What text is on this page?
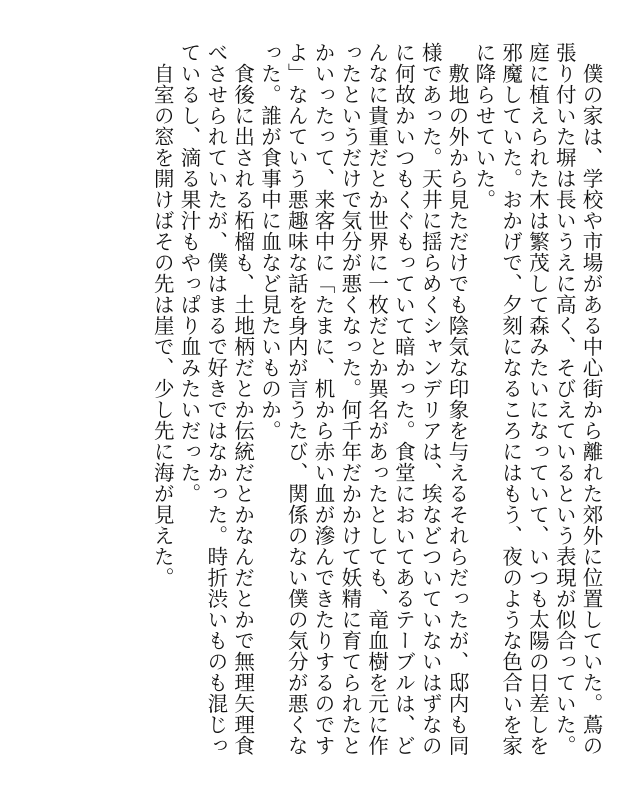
僕の家は、学校や市場がある中心街から離れた郊外に位置していた。蔦の張り付いた塀は長いうえに高く、そびえているという表現が似合っていた。庭に植えられた木は繁茂して森みたいになっていて、いつも太陽の日差しを邪魔していた。おかげで、夕刻になるころにはもう、夜のような色合いを家に降らせていた。

敷地の外から見ただけでも陰気な印象を与えるそれらだったが、邸内も同様であった。天井に揺らめくシャンデリアは、埃などついていないはずなのに何故かいつもくぐもっていて暗かった。食堂においてあるテーブルは、どんなに貴重だとか世界に一枚だとか異名があったとしても、竜血樹を元に作ったというだけで気分が悪くなった。何千年だかかけて妖精に育てられたとかいったって、来客中に「たまに、机から赤い血が滲んできたりするのですよ」なんていう悪趣味な話を身内が言うたび、関係のない僕の気分が悪くなった。誰が食事中に血など見たいものか。

食後に出される柘榴も、土地柄だとか伝統だとかなんだとかで無理矢理食べさせられていたが、僕はまるで好きではなかった。時折渋いものも混じっているし、滴る果汁もやっぱり血みたいだった。

自室の窓を開けばその先は崖で、少し先に海が見えた。
